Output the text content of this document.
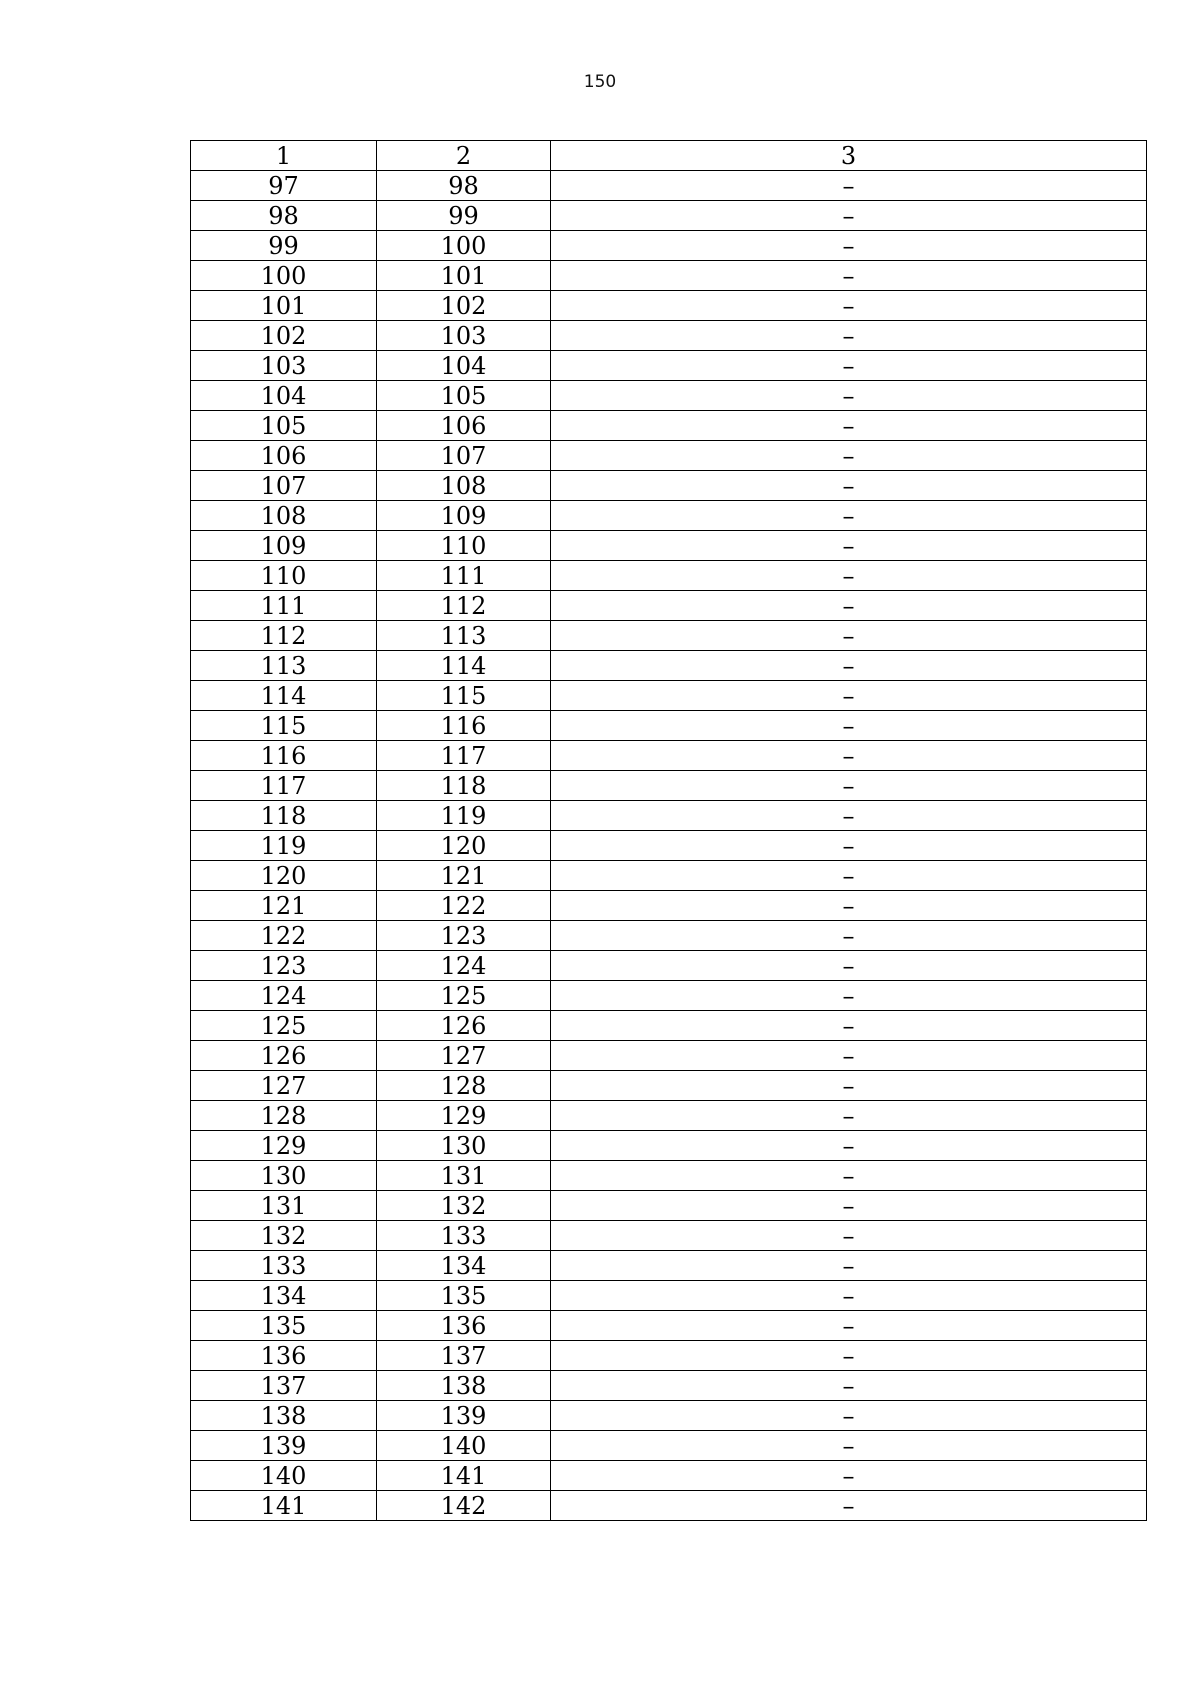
150
1	2	3
97	98	–
98	99	–
99	100	–
100	101	–
101	102	–
102	103	–
103	104	–
104	105	–
105	106	–
106	107	–
107	108	–
108	109	–
109	110	–
110	111	–
111	112	–
112	113	–
113	114	–
114	115	–
115	116	–
116	117	–
117	118	–
118	119	–
119	120	–
120	121	–
121	122	–
122	123	–
123	124	–
124	125	–
125	126	–
126	127	–
127	128	–
128	129	–
129	130	–
130	131	–
131	132	–
132	133	–
133	134	–
134	135	–
135	136	–
136	137	–
137	138	–
138	139	–
139	140	–
140	141	–
141	142	–
